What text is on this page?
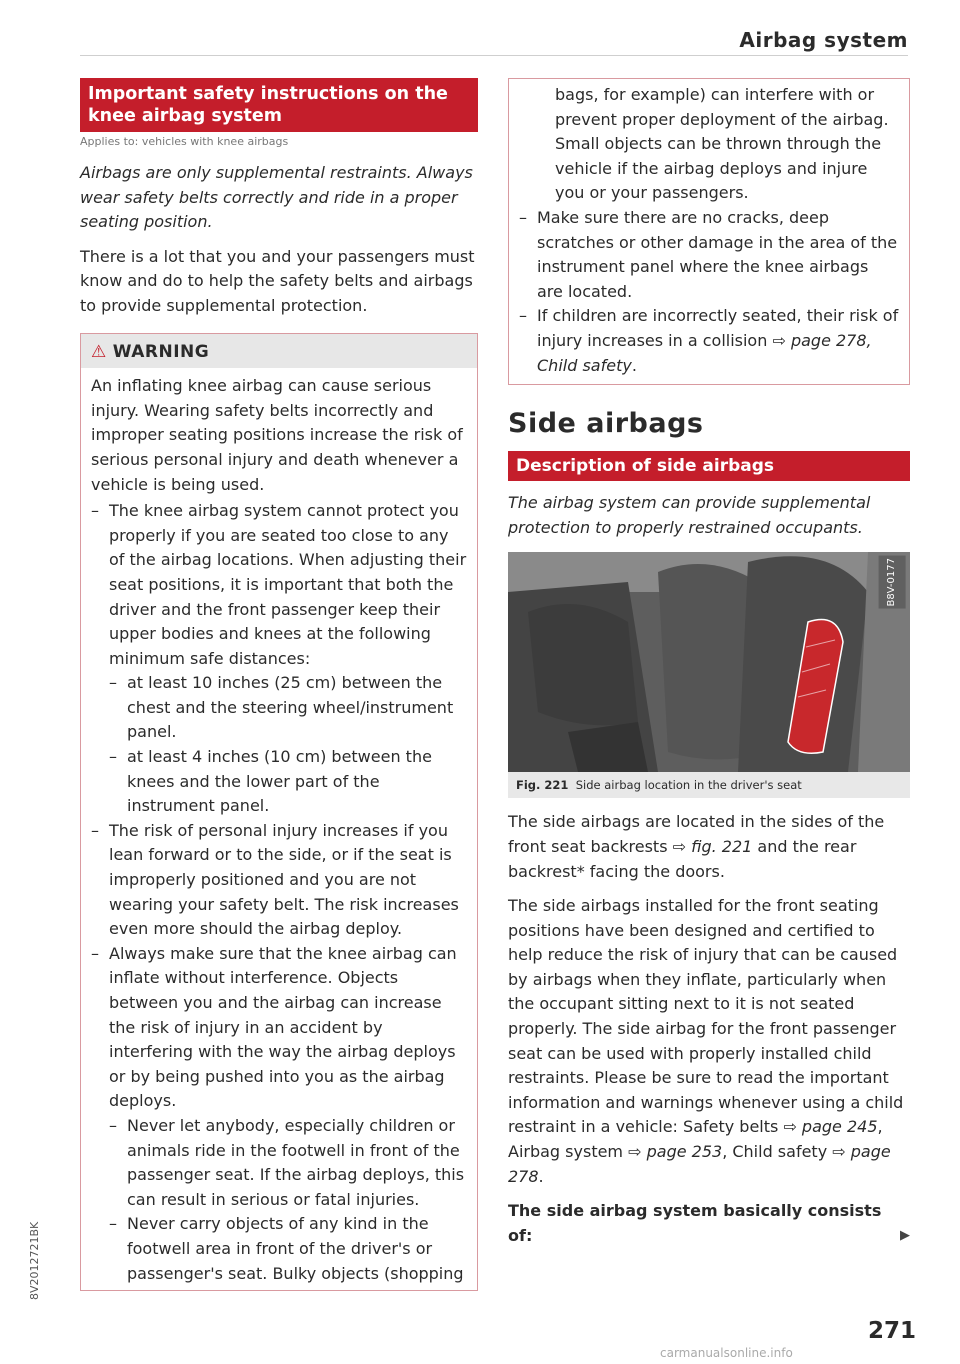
Airbag system
Important safety instructions on the knee airbag system
Applies to: vehicles with knee airbags

Airbags are only supplemental restraints. Always wear safety belts correctly and ride in a proper seating position.

There is a lot that you and your passengers must know and do to help the safety belts and airbags to provide supplemental protection.

⚠ WARNING

An inflating knee airbag can cause serious injury. Wearing safety belts incorrectly and improper seating positions increase the risk of serious personal injury and death whenever a vehicle is being used.

– The knee airbag system cannot protect you properly if you are seated too close to any of the airbag locations. When adjusting their seat positions, it is important that both the driver and the front passenger keep their upper bodies and knees at the following minimum safe distances:
– at least 10 inches (25 cm) between the chest and the steering wheel/instrument panel.
– at least 4 inches (10 cm) between the knees and the lower part of the instrument panel.
– The risk of personal injury increases if you lean forward or to the side, or if the seat is improperly positioned and you are not wearing your safety belt. The risk increases even more should the airbag deploy.
– Always make sure that the knee airbag can inflate without interference. Objects between you and the airbag can increase the risk of injury in an accident by interfering with the way the airbag deploys or by being pushed into you as the airbag deploys.
– Never let anybody, especially children or animals ride in the footwell in front of the passenger seat. If the airbag deploys, this can result in serious or fatal injuries.
– Never carry objects of any kind in the footwell area in front of the driver's or passenger's seat. Bulky objects (shopping
bags, for example) can interfere with or prevent proper deployment of the airbag. Small objects can be thrown through the vehicle if the airbag deploys and injure you or your passengers.
– Make sure there are no cracks, deep scratches or other damage in the area of the instrument panel where the knee airbags are located.
– If children are incorrectly seated, their risk of injury increases in a collision ⇨ page 278, Child safety.
Side airbags
Description of side airbags

The airbag system can provide supplemental protection to properly restrained occupants.

B8V-0177
Fig. 221 Side airbag location in the driver's seat

The side airbags are located in the sides of the front seat backrests ⇨ fig. 221 and the rear backrest* facing the doors.

The side airbags installed for the front seating positions have been designed and certified to help reduce the risk of injury that can be caused by airbags when they inflate, particularly when the occupant sitting next to it is not seated properly. The side airbag for the front passenger seat can be used with properly installed child restraints. Please be sure to read the important information and warnings whenever using a child restraint in a vehicle: Safety belts ⇨ page 245, Airbag system ⇨ page 253, Child safety ⇨ page 278.

The side airbag system basically consists of:	▶
271
8V2012721BK
carmanualsonline.info
